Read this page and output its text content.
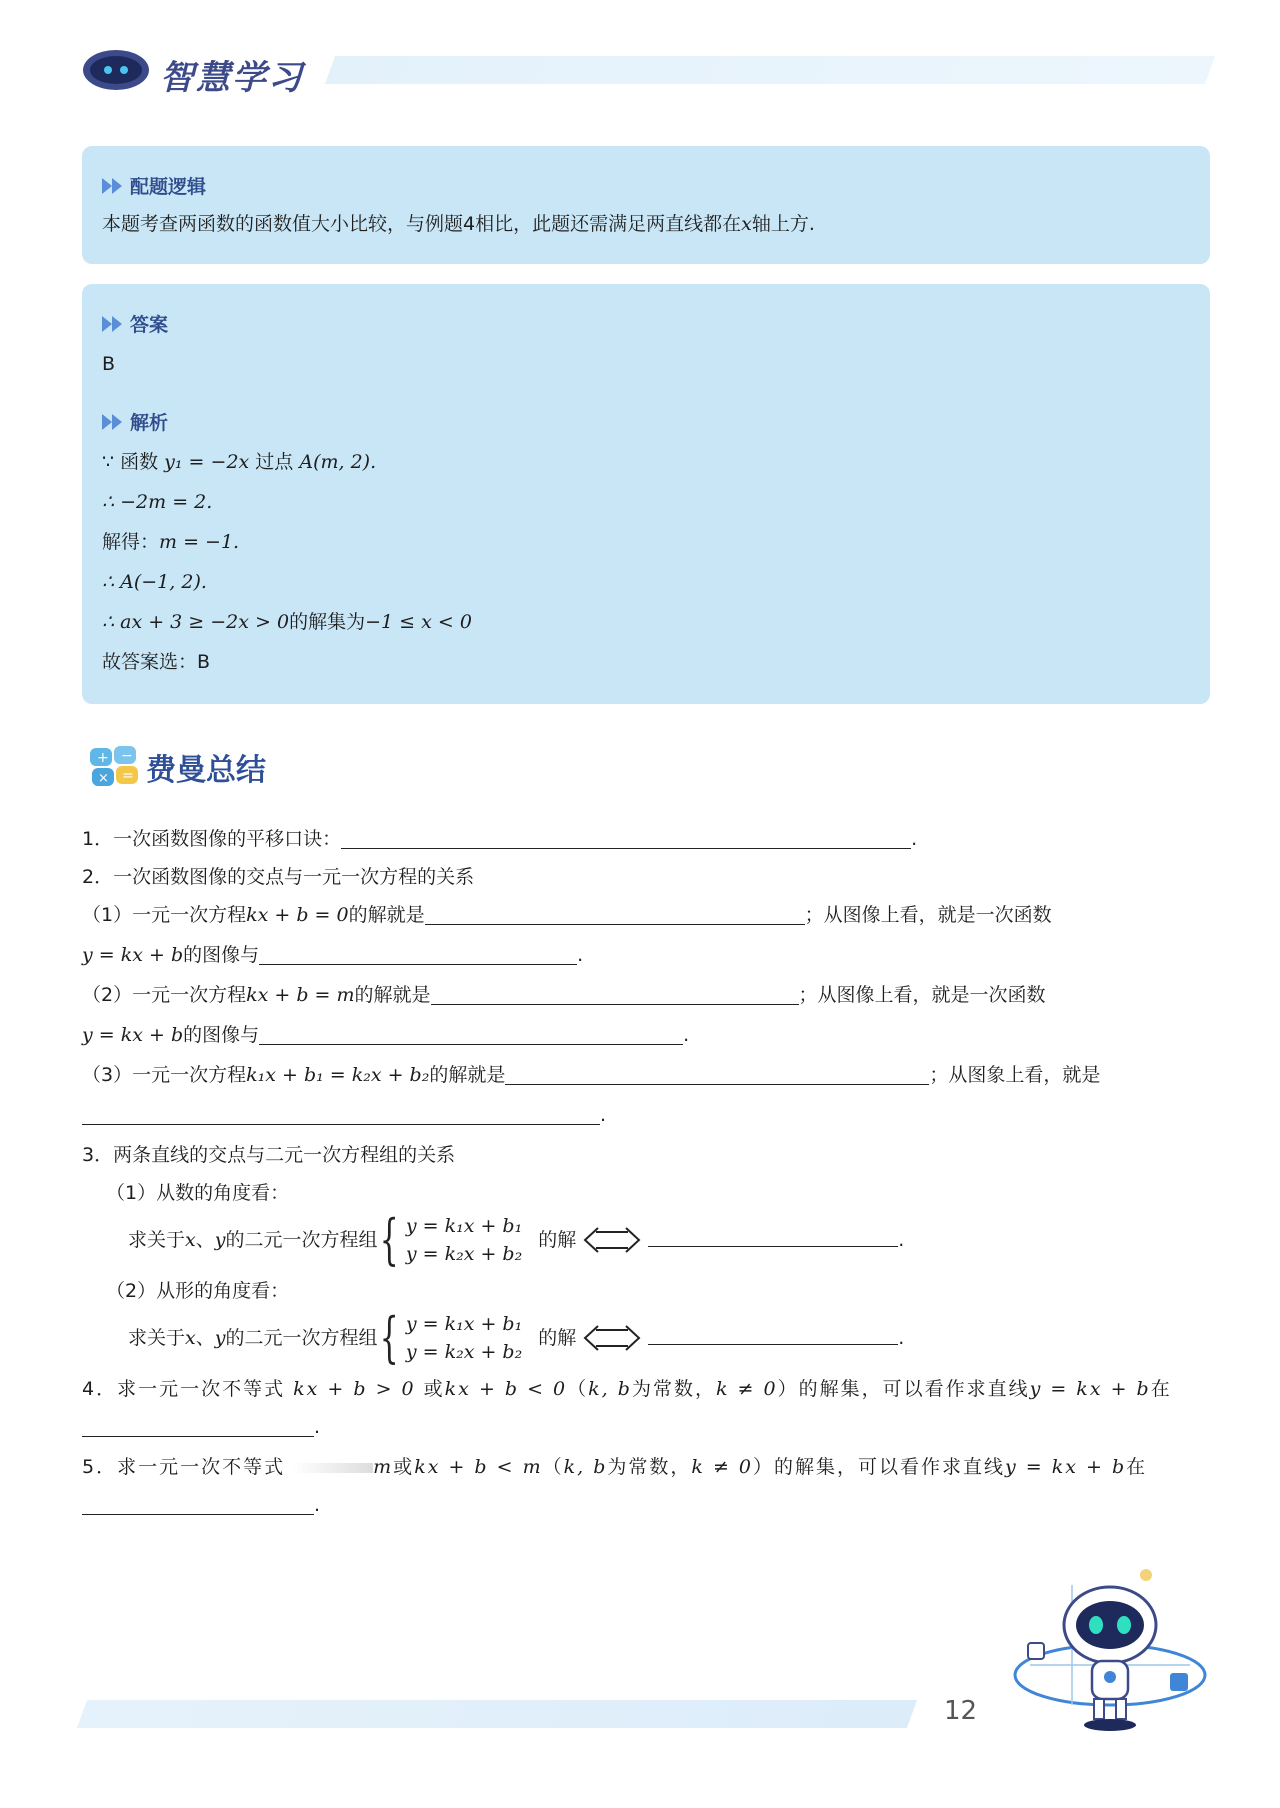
智慧学习
配题逻辑
本题考查两函数的函数值大小比较，与例题4相比，此题还需满足两直线都在x轴上方.
答案
B
解析
∵ 函数 y₁ = −2x 过点 A(m, 2).
∴ −2m = 2.
解得：m = −1.
∴ A(−1, 2).
∴ ax + 3 ≥ −2x > 0的解集为−1 ≤ x < 0
故答案选：B
+ −
× = 费曼总结
1．一次函数图像的平移口诀：	.
2．一次函数图像的交点与一元一次方程的关系
（1）一元一次方程kx + b = 0的解就是	；从图像上看，就是一次函数
y = kx + b的图像与	.
（2）一元一次方程kx + b = m的解就是	；从图像上看，就是一次函数
y = kx + b的图像与	.
（3）一元一次方程k₁x + b₁ = k₂x + b₂的解就是	；从图象上看，就是
.
3．两条直线的交点与二元一次方程组的关系
（1）从数的角度看：
求关于 x 、 y 的二元一次方程组 { y = k₁x + b₁
y = k₂x + b₂
的解	.
（2）从形的角度看：
求关于 x 、 y 的二元一次方程组 { y = k₁x + b₁
y = k₂x + b₂
的解	.
4．求一元一次不等式 kx + b > 0 或kx + b < 0（k, b为常数，k ≠ 0）的解集，可以看作求直线y = kx + b在
.
5．求一元一次不等式	m或kx + b < m（k, b为常数，k ≠ 0）的解集，可以看作求直线y = kx + b在
.
12
